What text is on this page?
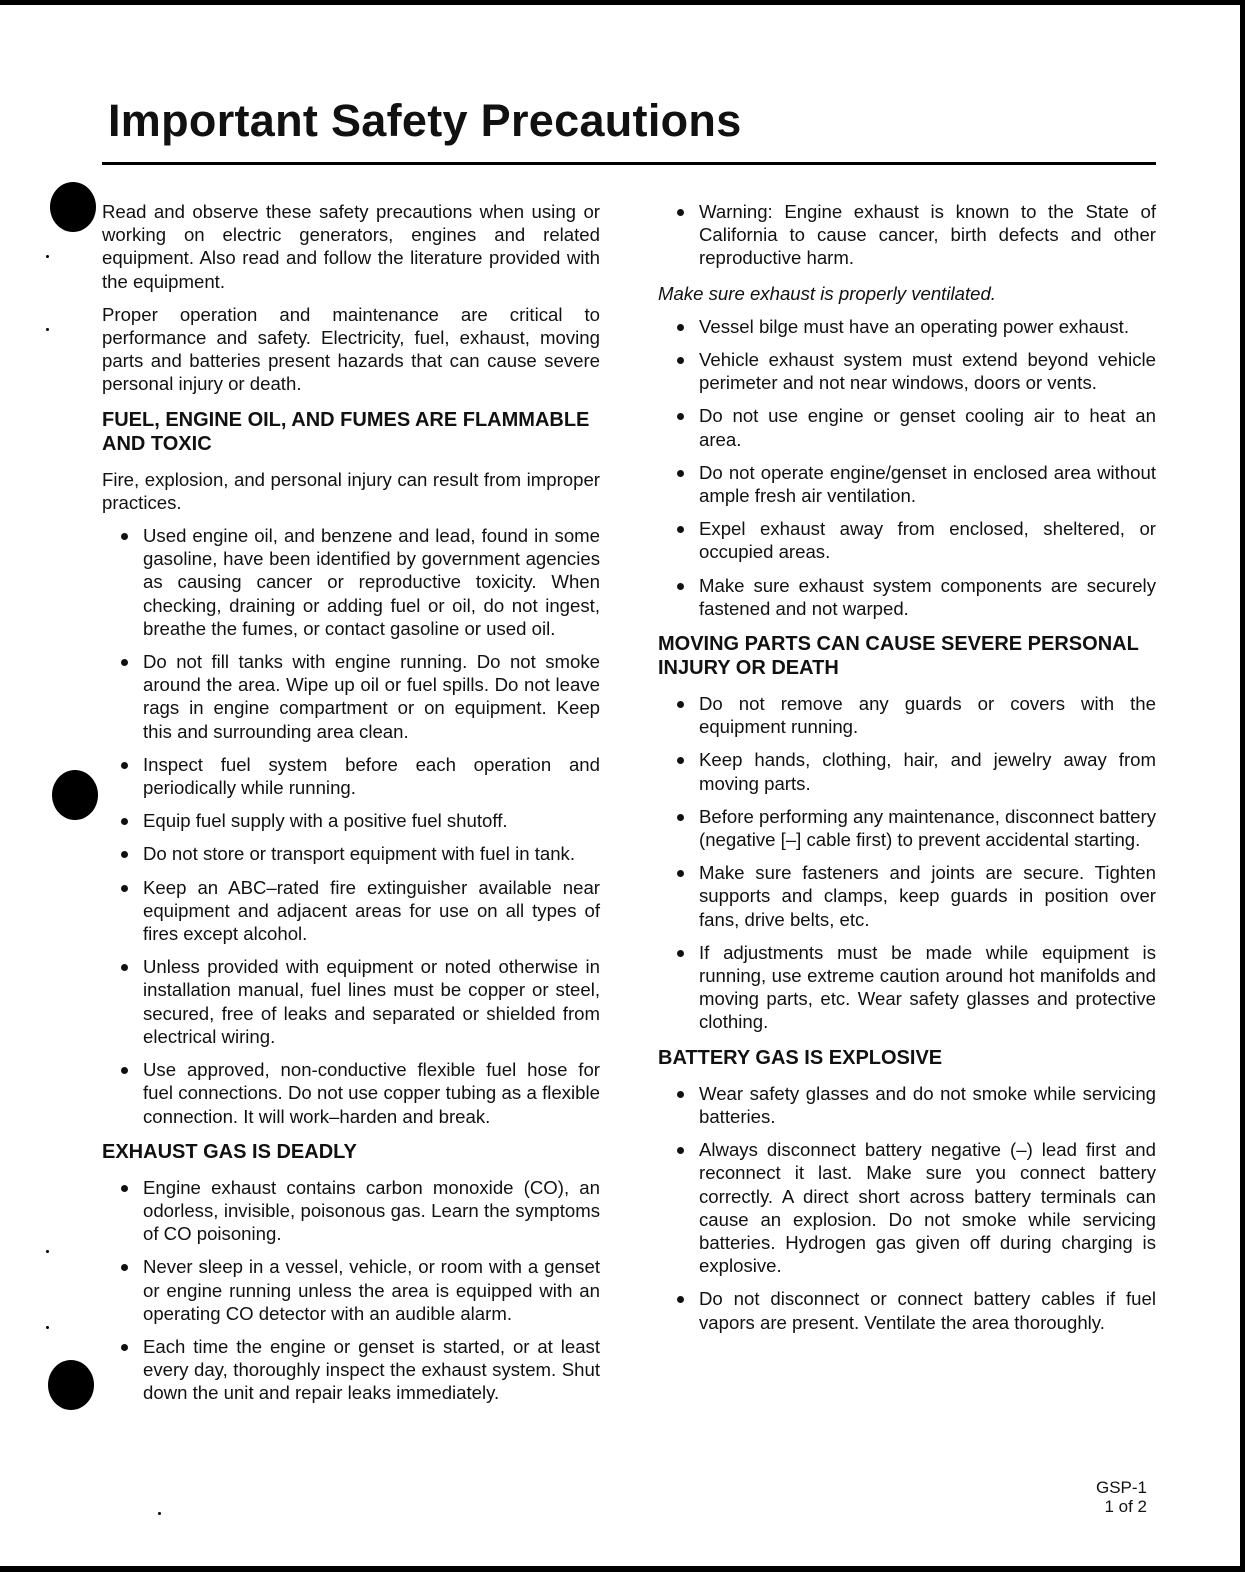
Important Safety Precautions

Read and observe these safety precautions when using or working on electric generators, engines and related equipment. Also read and follow the literature provided with the equipment.

Proper operation and maintenance are critical to performance and safety. Electricity, fuel, exhaust, moving parts and batteries present hazards that can cause severe personal injury or death.

FUEL, ENGINE OIL, AND FUMES ARE FLAMMABLE AND TOXIC

Fire, explosion, and personal injury can result from improper practices.

Used engine oil, and benzene and lead, found in some gasoline, have been identified by government agencies as causing cancer or reproductive toxicity. When checking, draining or adding fuel or oil, do not ingest, breathe the fumes, or contact gasoline or used oil.
Do not fill tanks with engine running. Do not smoke around the area. Wipe up oil or fuel spills. Do not leave rags in engine compartment or on equipment. Keep this and surrounding area clean.
Inspect fuel system before each operation and periodically while running.
Equip fuel supply with a positive fuel shutoff.
Do not store or transport equipment with fuel in tank.
Keep an ABC–rated fire extinguisher available near equipment and adjacent areas for use on all types of fires except alcohol.
Unless provided with equipment or noted otherwise in installation manual, fuel lines must be copper or steel, secured, free of leaks and separated or shielded from electrical wiring.
Use approved, non-conductive flexible fuel hose for fuel connections. Do not use copper tubing as a flexible connection. It will work–harden and break.
EXHAUST GAS IS DEADLY
Engine exhaust contains carbon monoxide (CO), an odorless, invisible, poisonous gas. Learn the symptoms of CO poisoning.
Never sleep in a vessel, vehicle, or room with a genset or engine running unless the area is equipped with an operating CO detector with an audible alarm.
Each time the engine or genset is started, or at least every day, thoroughly inspect the exhaust system. Shut down the unit and repair leaks immediately.
Warning: Engine exhaust is known to the State of California to cause cancer, birth defects and other reproductive harm.

Make sure exhaust is properly ventilated.

Vessel bilge must have an operating power exhaust.
Vehicle exhaust system must extend beyond vehicle perimeter and not near windows, doors or vents.
Do not use engine or genset cooling air to heat an area.
Do not operate engine/genset in enclosed area without ample fresh air ventilation.
Expel exhaust away from enclosed, sheltered, or occupied areas.
Make sure exhaust system components are securely fastened and not warped.
MOVING PARTS CAN CAUSE SEVERE PERSONAL INJURY OR DEATH
Do not remove any guards or covers with the equipment running.
Keep hands, clothing, hair, and jewelry away from moving parts.
Before performing any maintenance, disconnect battery (negative [–] cable first) to prevent accidental starting.
Make sure fasteners and joints are secure. Tighten supports and clamps, keep guards in position over fans, drive belts, etc.
If adjustments must be made while equipment is running, use extreme caution around hot manifolds and moving parts, etc. Wear safety glasses and protective clothing.
BATTERY GAS IS EXPLOSIVE
Wear safety glasses and do not smoke while servicing batteries.
Always disconnect battery negative (–) lead first and reconnect it last. Make sure you connect battery correctly. A direct short across battery terminals can cause an explosion. Do not smoke while servicing batteries. Hydrogen gas given off during charging is explosive.
Do not disconnect or connect battery cables if fuel vapors are present. Ventilate the area thoroughly.
GSP-1
1 of 2
